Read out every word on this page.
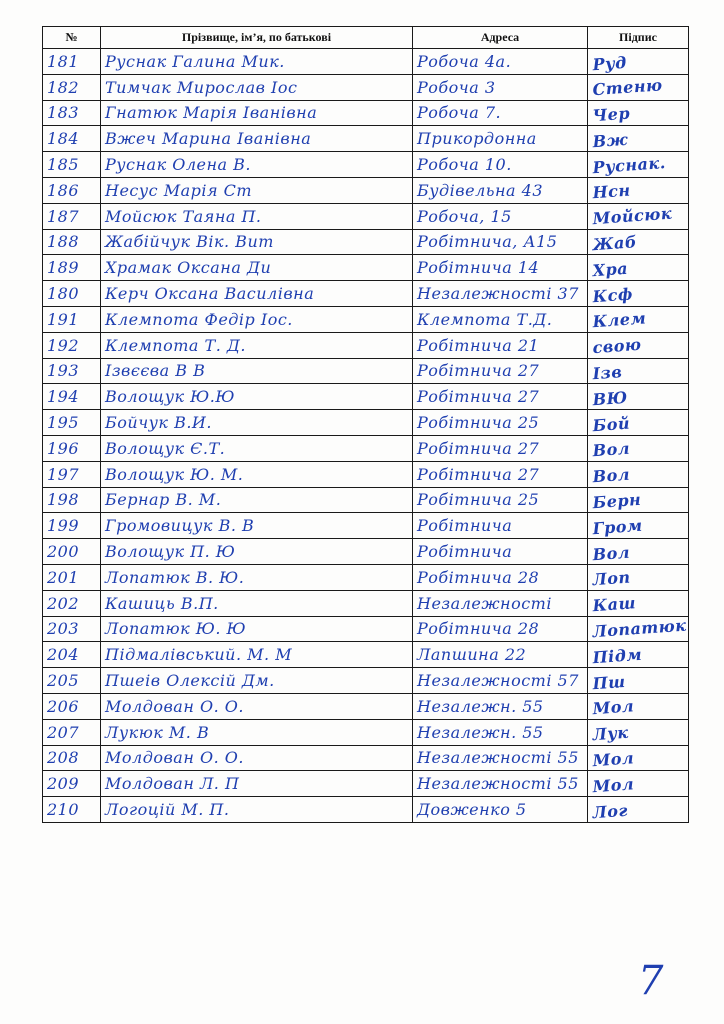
№	Прізвище, ім’я, по батькові	Адреса	Підпис
181	Руснак Галина Мик.	Робоча 4а.	Руд
182	Тимчак Мирослав Іос	Робоча 3	Стеню
183	Гнатюк Марія Іванівна	Робоча 7.	Чер
184	Вжеч Марина Іванівна	Прикордонна	Вж
185	Руснак Олена В.	Робоча 10.	Руснак.
186	Несус Марія Ст	Будівельна 43	Нсн
187	Мойсюк Таяна П.	Робоча, 15	Мойсюк
188	Жабійчук Вік. Вит	Робітнича, А15	Жаб
189	Храмак Оксана Ди	Робітнича 14	Хра
180	Керч Оксана Василівна	Незалежності 37	Ксф
191	Клемпотa Федір Іос.	Клемпота Т.Д.	Клем
192	Клемпотa Т. Д.	Робітнича 21	свою
193	Ізвєєва В В	Робітнича 27	Ізв
194	Волощук Ю.Ю	Робітнича 27	ВЮ
195	Бойчук В.И.	Робітнича 25	Бой
196	Волощук Є.Т.	Робітнича 27	Вол
197	Волощук Ю. М.	Робітнича 27	Вол
198	Бернар В. М.	Робітнича 25	Берн
199	Громовицук В. В	Робітнича	Гром
200	Волощук П. Ю	Робітнича	Вол
201	Лопатюк В. Ю.	Робітнича 28	Лоп
202	Кашиць В.П.	Незалежності	Каш
203	Лопатюк Ю. Ю	Робітнича 28	Лопатюк
204	Підмалівський. М. М	Лапшина 22	Підм
205	Пшеів Олексій Дм.	Незалежності 57	Пш
206	Молдован О. О.	Незалежн. 55	Мол
207	Лукюк М. В	Незалежн. 55	Лук
208	Молдован О. О.	Незалежності 55	Мол
209	Молдован Л. П	Незалежності 55	Мол
210	Логоцій М. П.	Довженко 5	Лог
7
